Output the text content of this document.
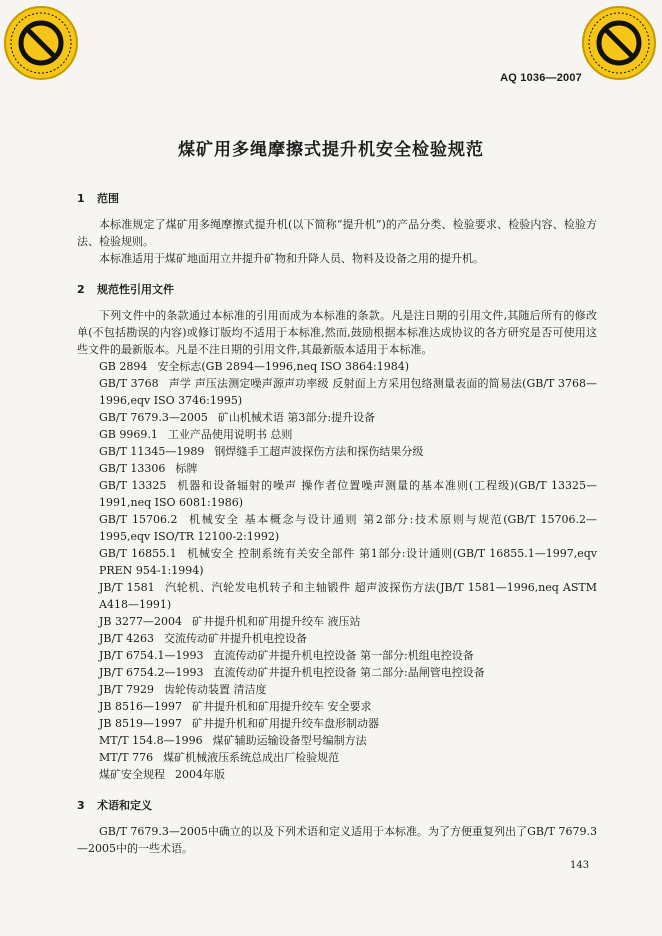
AQ 1036—2007
煤矿用多绳摩擦式提升机安全检验规范

1 范围

本标准规定了煤矿用多绳摩擦式提升机(以下简称“提升机”)的产品分类、检验要求、检验内容、检验方法、检验规则。

本标准适用于煤矿地面用立井提升矿物和升降人员、物料及设备之用的提升机。

2 规范性引用文件

下列文件中的条款通过本标准的引用而成为本标准的条款。凡是注日期的引用文件,其随后所有的修改单(不包括勘误的内容)或修订版均不适用于本标准,然而,鼓励根据本标准达成协议的各方研究是否可使用这些文件的最新版本。凡是不注日期的引用文件,其最新版本适用于本标准。

GB 2894 安全标志(GB 2894—1996,neq ISO 3864:1984)

GB/T 3768 声学 声压法测定噪声源声功率级 反射面上方采用包络测量表面的简易法(GB/T 3768—1996,eqv ISO 3746:1995)

GB/T 7679.3—2005 矿山机械术语 第3部分:提升设备

GB 9969.1 工业产品使用说明书 总则

GB/T 11345—1989 钢焊缝手工超声波探伤方法和探伤结果分级

GB/T 13306 标牌

GB/T 13325 机器和设备辐射的噪声 操作者位置噪声测量的基本准则(工程级)(GB/T 13325—1991,neq ISO 6081:1986)

GB/T 15706.2 机械安全 基本概念与设计通则 第2部分:技术原则与规范(GB/T 15706.2—1995,eqv ISO/TR 12100-2:1992)

GB/T 16855.1 机械安全 控制系统有关安全部件 第1部分:设计通则(GB/T 16855.1—1997,eqv PREN 954-1:1994)

JB/T 1581 汽轮机、汽轮发电机转子和主轴锻件 超声波探伤方法(JB/T 1581—1996,neq ASTM A418—1991)

JB 3277—2004 矿井提升机和矿用提升绞车 液压站

JB/T 4263 交流传动矿井提升机电控设备

JB/T 6754.1—1993 直流传动矿井提升机电控设备 第一部分:机组电控设备

JB/T 6754.2—1993 直流传动矿井提升机电控设备 第二部分:晶闸管电控设备

JB/T 7929 齿轮传动装置 清洁度

JB 8516—1997 矿井提升机和矿用提升绞车 安全要求

JB 8519—1997 矿井提升机和矿用提升绞车盘形制动器

MT/T 154.8—1996 煤矿辅助运输设备型号编制方法

MT/T 776 煤矿机械液压系统总成出厂检验规范

煤矿安全规程 2004年版

3 术语和定义

GB/T 7679.3—2005中确立的以及下列术语和定义适用于本标准。为了方便重复列出了GB/T 7679.3—2005中的一些术语。

143
